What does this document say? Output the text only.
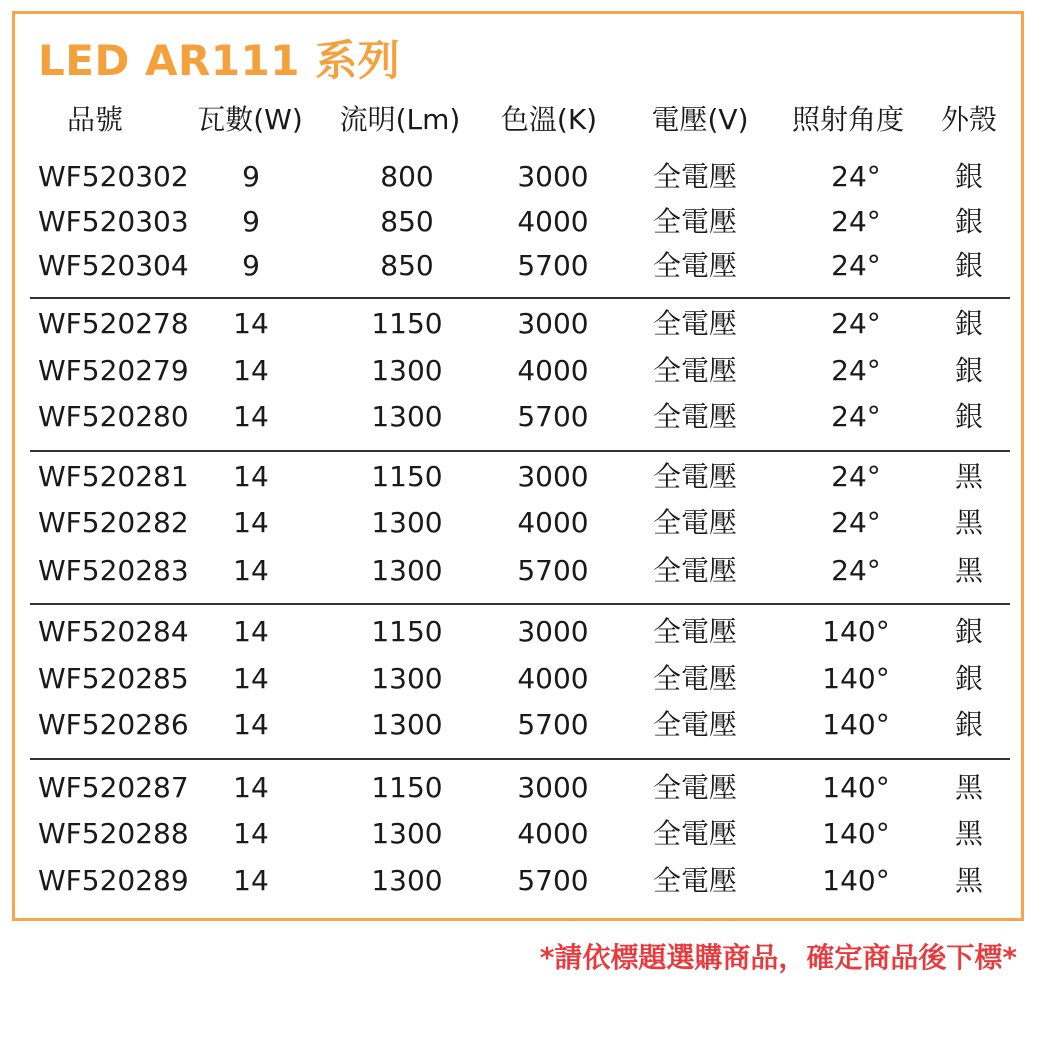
LED AR111 系列
品號	瓦數(W)	流明(Lm)	色溫(K)	電壓(V)	照射角度	外殼
WF520302	9	800	3000	全電壓	24°	銀
WF520303	9	850	4000	全電壓	24°	銀
WF520304	9	850	5700	全電壓	24°	銀
WF520278	14	1150	3000	全電壓	24°	銀
WF520279	14	1300	4000	全電壓	24°	銀
WF520280	14	1300	5700	全電壓	24°	銀
WF520281	14	1150	3000	全電壓	24°	黑
WF520282	14	1300	4000	全電壓	24°	黑
WF520283	14	1300	5700	全電壓	24°	黑
WF520284	14	1150	3000	全電壓	140°	銀
WF520285	14	1300	4000	全電壓	140°	銀
WF520286	14	1300	5700	全電壓	140°	銀
WF520287	14	1150	3000	全電壓	140°	黑
WF520288	14	1300	4000	全電壓	140°	黑
WF520289	14	1300	5700	全電壓	140°	黑
*請依標題選購商品，確定商品後下標*
